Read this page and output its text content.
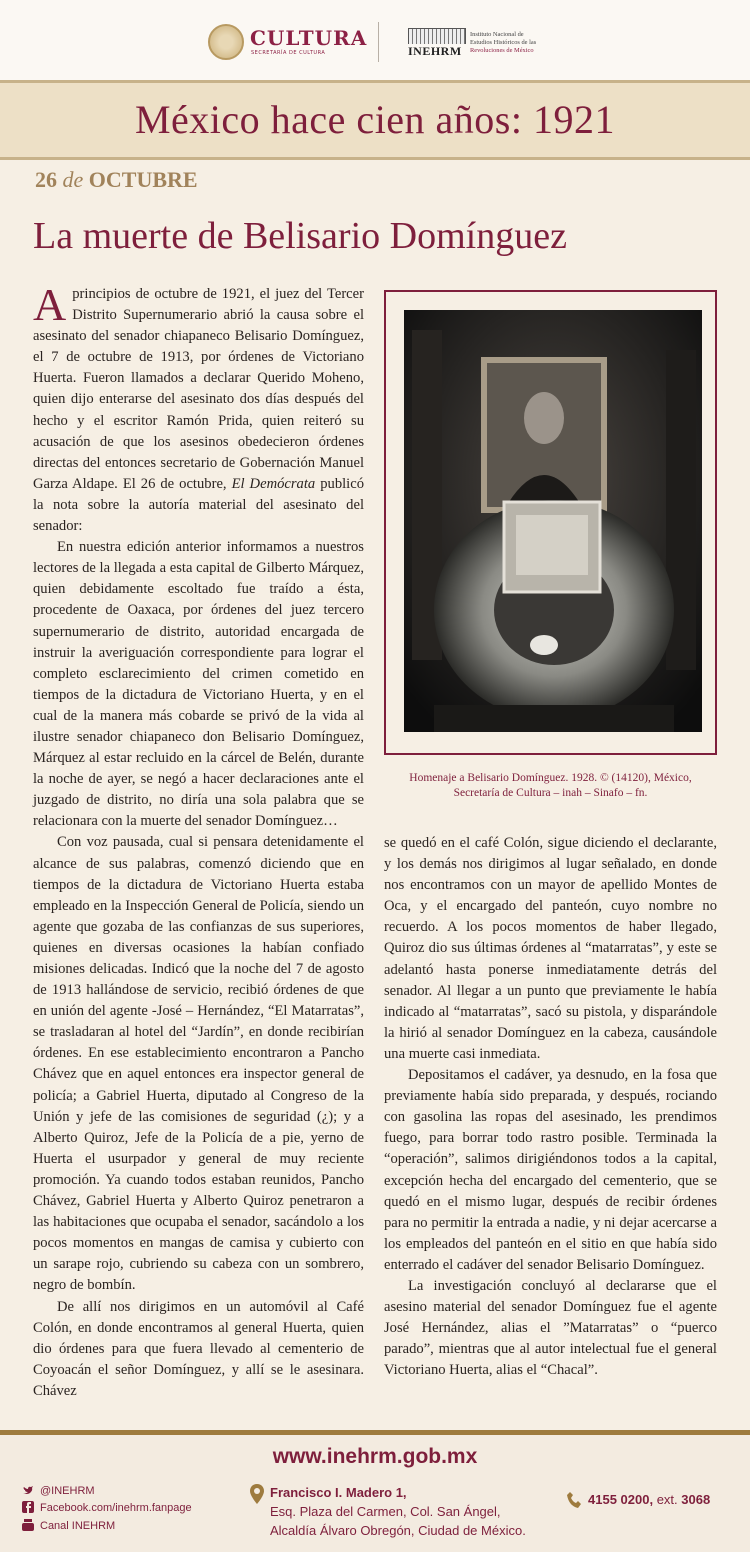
CULTURA
SECRETARÍA DE CULTURA	INEHRM
Instituto Nacional de
Estudios Históricos de las
Revoluciones de México
México hace cien años: 1921
26 de OCTUBRE
La muerte de Belisario Domínguez

A principios de octubre de 1921, el juez del Tercer Distrito Supernumerario abrió la causa sobre el asesinato del senador chiapaneco Belisario Domínguez, el 7 de octubre de 1913, por órdenes de Victoriano Huerta. Fueron llamados a declarar Querido Moheno, quien dijo enterarse del asesinato dos días después del hecho y el escritor Ramón Prida, quien reiteró su acusación de que los asesinos obedecieron órdenes directas del entonces secretario de Gobernación Manuel Garza Aldape. El 26 de octubre, El Demócrata publicó la nota sobre la autoría material del asesinato del senador:

En nuestra edición anterior informamos a nuestros lectores de la llegada a esta capital de Gilberto Márquez, quien debidamente escoltado fue traído a ésta, procedente de Oaxaca, por órdenes del juez tercero supernumerario de distrito, autoridad encargada de instruir la averiguación correspondiente para lograr el completo esclarecimiento del crimen cometido en tiempos de la dictadura de Victoriano Huerta, y en el cual de la manera más cobarde se privó de la vida al ilustre senador chiapaneco don Belisario Domínguez, Márquez al estar recluido en la cárcel de Belén, durante la noche de ayer, se negó a hacer declaraciones ante el juzgado de distrito, no diría una sola palabra que se relacionara con la muerte del senador Domínguez…

Con voz pausada, cual si pensara detenidamente el alcance de sus palabras, comenzó diciendo que en tiempos de la dictadura de Victoriano Huerta estaba empleado en la Inspección General de Policía, siendo un agente que gozaba de las confianzas de sus superiores, quienes en diversas ocasiones la habían confiado misiones delicadas. Indicó que la noche del 7 de agosto de 1913 hallándose de servicio, recibió órdenes de que en unión del agente -José – Hernández, “El Matarratas”, se trasladaran al hotel del “Jardín”, en donde recibirían órdenes. En ese establecimiento encontraron a Pancho Chávez que en aquel entonces era inspector general de policía; a Gabriel Huerta, diputado al Congreso de la Unión y jefe de las comisiones de seguridad (¿); y a Alberto Quiroz, Jefe de la Policía de a pie, yerno de Huerta el usurpador y general de muy reciente promoción. Ya cuando todos estaban reunidos, Pancho Chávez, Gabriel Huerta y Alberto Quiroz penetraron a las habitaciones que ocupaba el senador, sacándolo a los pocos momentos en mangas de camisa y cubierto con un sarape rojo, cubriendo su cabeza con un sombrero, negro de bombín.

De allí nos dirigimos en un automóvil al Café Colón, en donde encontramos al general Huerta, quien dio órdenes para que fuera llevado al cementerio de Coyoacán el señor Domínguez, y allí se le asesinara. Chávez

Homenaje a Belisario Domínguez. 1928. © (14120), México,
Secretaría de Cultura – inah – Sinafo – fn.

se quedó en el café Colón, sigue diciendo el declarante, y los demás nos dirigimos al lugar señalado, en donde nos encontramos con un mayor de apellido Montes de Oca, y el encargado del panteón, cuyo nombre no recuerdo. A los pocos momentos de haber llegado, Quiroz dio sus últimas órdenes al “matarratas”, y este se adelantó hasta ponerse inmediatamente detrás del senador. Al llegar a un punto que previamente le había indicado al “matarratas”, sacó su pistola, y disparándole la hirió al senador Domínguez en la cabeza, causándole una muerte casi inmediata.

Depositamos el cadáver, ya desnudo, en la fosa que previamente había sido preparada, y después, rociando con gasolina las ropas del asesinado, les prendimos fuego, para borrar todo rastro posible. Terminada la “operación”, salimos dirigiéndonos todos a la capital, excepción hecha del encargado del cementerio, que se quedó en el mismo lugar, después de recibir órdenes para no permitir la entrada a nadie, y ni dejar acercarse a los empleados del panteón en el sitio en que había sido enterrado el cadáver del senador Belisario Domínguez.

La investigación concluyó al declararse que el asesino material del senador Domínguez fue el agente José Hernández, alias el ”Matarratas” o “puerco parado”, mientras que al autor intelectual fue el general Victoriano Huerta, alias el “Chacal”.

www.inehrm.gob.mx
@INEHRM
Facebook.com/inehrm.fanpage
Canal INEHRM
Francisco I. Madero 1,
Esq. Plaza del Carmen, Col. San Ángel,
Alcaldía Álvaro Obregón, Ciudad de México.
4155 0200, ext. 3068
